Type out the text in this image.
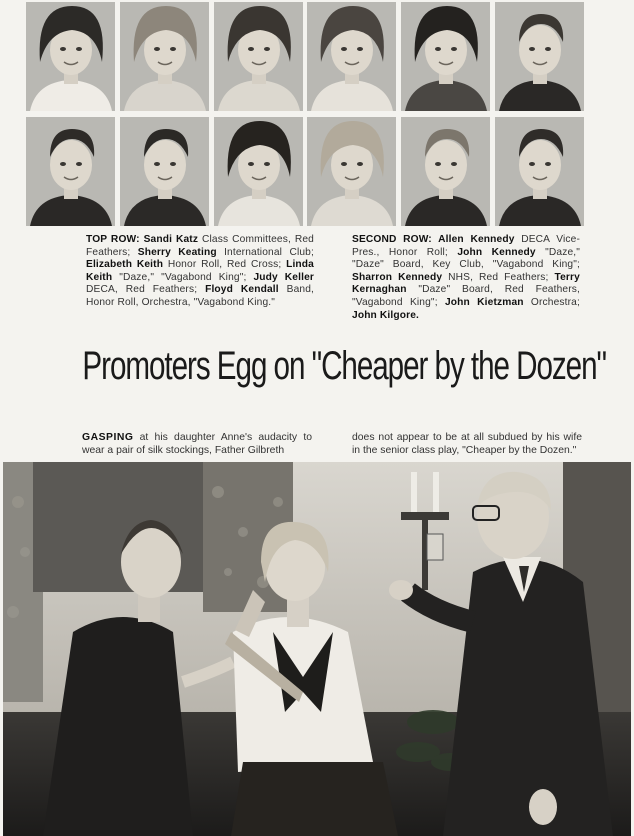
TOP ROW: Sandi Katz Class Committees, Red Feathers; Sherry Keating International Club; Elizabeth Keith Honor Roll, Red Cross; Linda Keith "Daze," "Vagabond King"; Judy Keller DECA, Red Feathers; Floyd Kendall Band, Honor Roll, Orchestra, "Vagabond King."
SECOND ROW: Allen Kennedy DECA Vice-Pres., Honor Roll; John Kennedy "Daze," "Daze" Board, Key Club, "Vagabond King"; Sharron Kennedy NHS, Red Feathers; Terry Kernaghan "Daze" Board, Red Feathers, "Vagabond King"; John Kietzman Orchestra; John Kilgore.
Promoters Egg on "Cheaper by the Dozen"
GASPING at his daughter Anne's audacity to wear a pair of silk stockings, Father Gilbreth
does not appear to be at all subdued by his wife in the senior class play, "Cheaper by the Dozen."
